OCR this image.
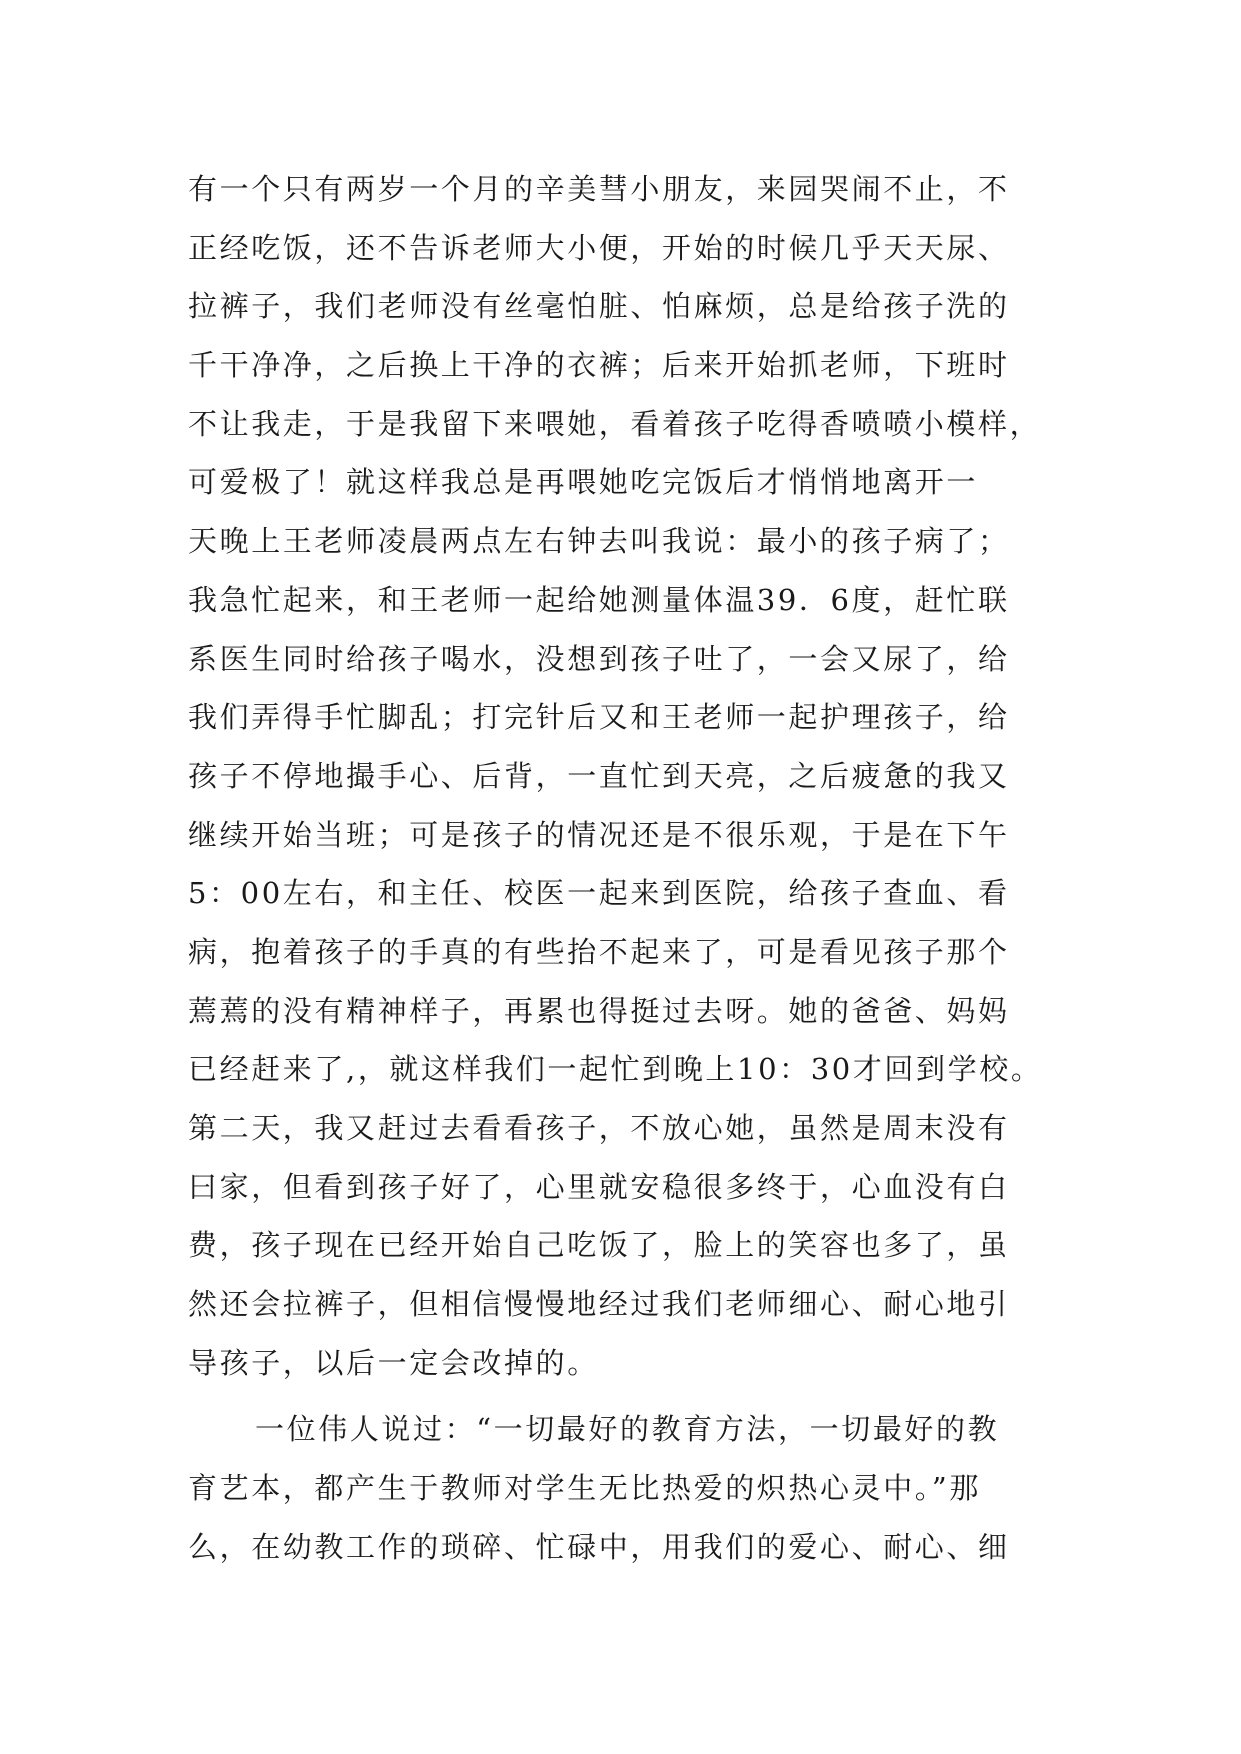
有一个只有两岁一个月的辛美彗小朋友，来园哭闹不止，不
正经吃饭，还不告诉老师大小便，开始的时候几乎天天尿、
拉裤子，我们老师没有丝毫怕脏、怕麻烦，总是给孩子洗的
千干净净，之后换上干净的衣裤；后来开始抓老师，下班时
不让我走，于是我留下来喂她，看着孩子吃得香喷喷小模样，
可爱极了！就这样我总是再喂她吃完饭后才悄悄地离开一
天晚上王老师凌晨两点左右钟去叫我说：最小的孩子病了；
我急忙起来，和王老师一起给她测量体温39．6度，赶忙联
系医生同时给孩子喝水，没想到孩子吐了，一会又尿了，给
我们弄得手忙脚乱；打完针后又和王老师一起护理孩子，给
孩子不停地撮手心、后背，一直忙到天亮，之后疲惫的我又
继续开始当班；可是孩子的情况还是不很乐观，于是在下午
5：00左右，和主任、校医一起来到医院，给孩子查血、看
病，抱着孩子的手真的有些抬不起来了，可是看见孩子那个
蔫蔫的没有精神样子，再累也得挺过去呀。她的爸爸、妈妈
已经赶来了,，就这样我们一起忙到晚上10：30才回到学校。
第二天，我又赶过去看看孩子，不放心她，虽然是周末没有
曰家，但看到孩子好了，心里就安稳很多终于，心血没有白
费，孩子现在已经开始自己吃饭了，脸上的笑容也多了，虽
然还会拉裤子，但相信慢慢地经过我们老师细心、耐心地引
导孩子，以后一定会改掉的。
一位伟人说过：“一切最好的教育方法，一切最好的教
育艺本，都产生于教师对学生无比热爱的炽热心灵中。”那
么，在幼教工作的琐碎、忙碌中，用我们的爱心、耐心、细
